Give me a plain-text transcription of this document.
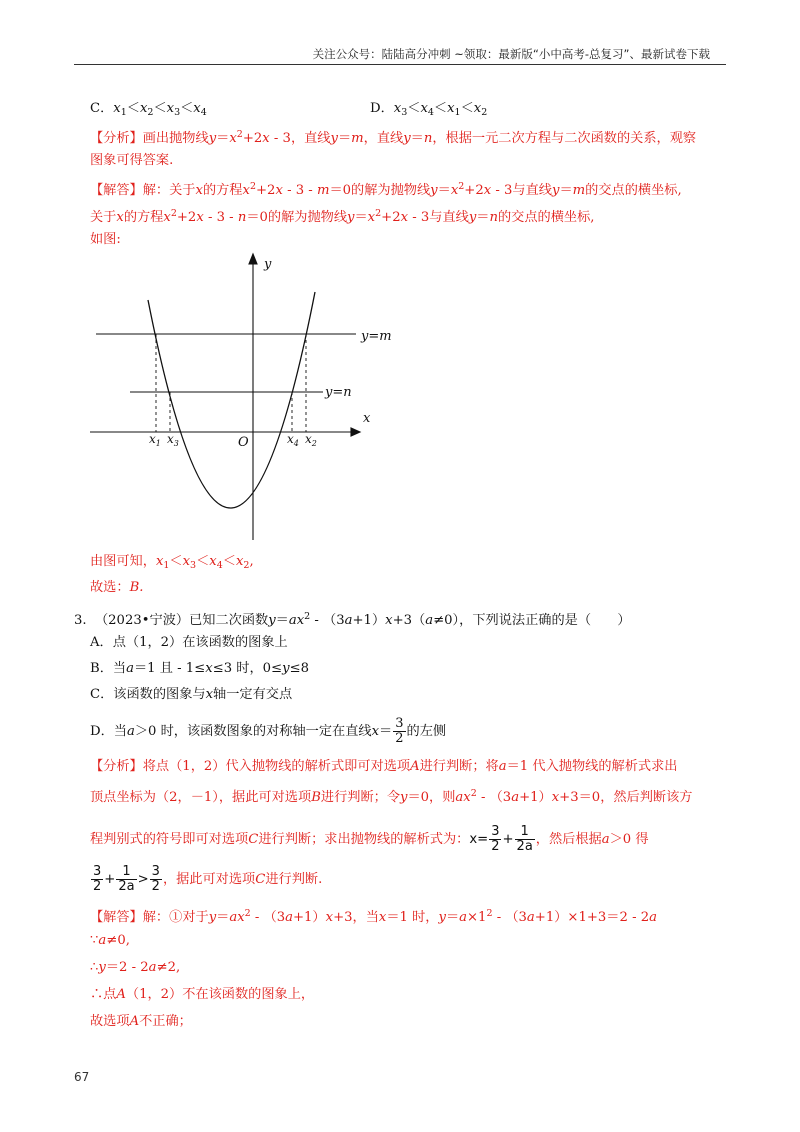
关注公众号：陆陆高分冲刺 ~领取：最新版“小中高考-总复习”、最新试卷下载
C．$x_1<x_2<x_3<x_4$	D．$x_3<x_4<x_1<x_2$
【分析】画出抛物线$y=x^2+2x - 3$，直线y＝m，直线y＝n，根据一元二次方程与二次函数的关系，观察
图象可得答案.
【解答】解：关于x的方程$x^2+2x - 3 - m=0$的解为抛物线$y=x^2+2x - 3$与直线y＝m的交点的横坐标,
关于x的方程$x^2+2x - 3 - n=0$的解为抛物线$y=x^2+2x - 3$与直线y＝n的交点的横坐标,
如图:
y
x
O
y=m
y=n
$x_1$ $x_3$	$x_4$ $x_2$
由图可知，$x_1<x_3<x_4<x_2$,
故选：B.
3. （2023•宁波）已知二次函数$y=ax^2 - (3a+1)x+3(a\ne 0)$，下列说法正确的是（　　）
A．点（1，2）在该函数的图象上
B．当a＝1 且 - 1≤x≤3 时，0≤y≤8
C．该函数的图象与x轴一定有交点
D．当a＞0 时，该函数图象的对称轴一定在直线$x= \frac{3}{2}$ 的左侧
【分析】将点（1，2）代入抛物线的解析式即可对选项A进行判断；将a＝1 代入抛物线的解析式求出
顶点坐标为（2，－1），据此可对选项B进行判断；令y＝0，则$ax^2 - (3a+1)x+3=0$，然后判断该方
程判别式的符号即可对选项C进行判断；求出抛物线的解析式为：$x= \frac{3}{2} + \frac{1}{2a}$ ，然后根据a＞0 得
$\frac{3}{2} + \frac{1}{2a} > \frac{3}{2}$ ，据此可对选项C进行判断.
【解答】解：①对于$y=ax^2 - (3a+1)x+3$，当x＝1 时，$y=a\times 1^2 - (3a+1)\times 1+3=2 - 2a$
∵a≠0,
∴y＝2 - 2a≠2,
∴点A（1，2）不在该函数的图象上，
故选项A不正确；
67
